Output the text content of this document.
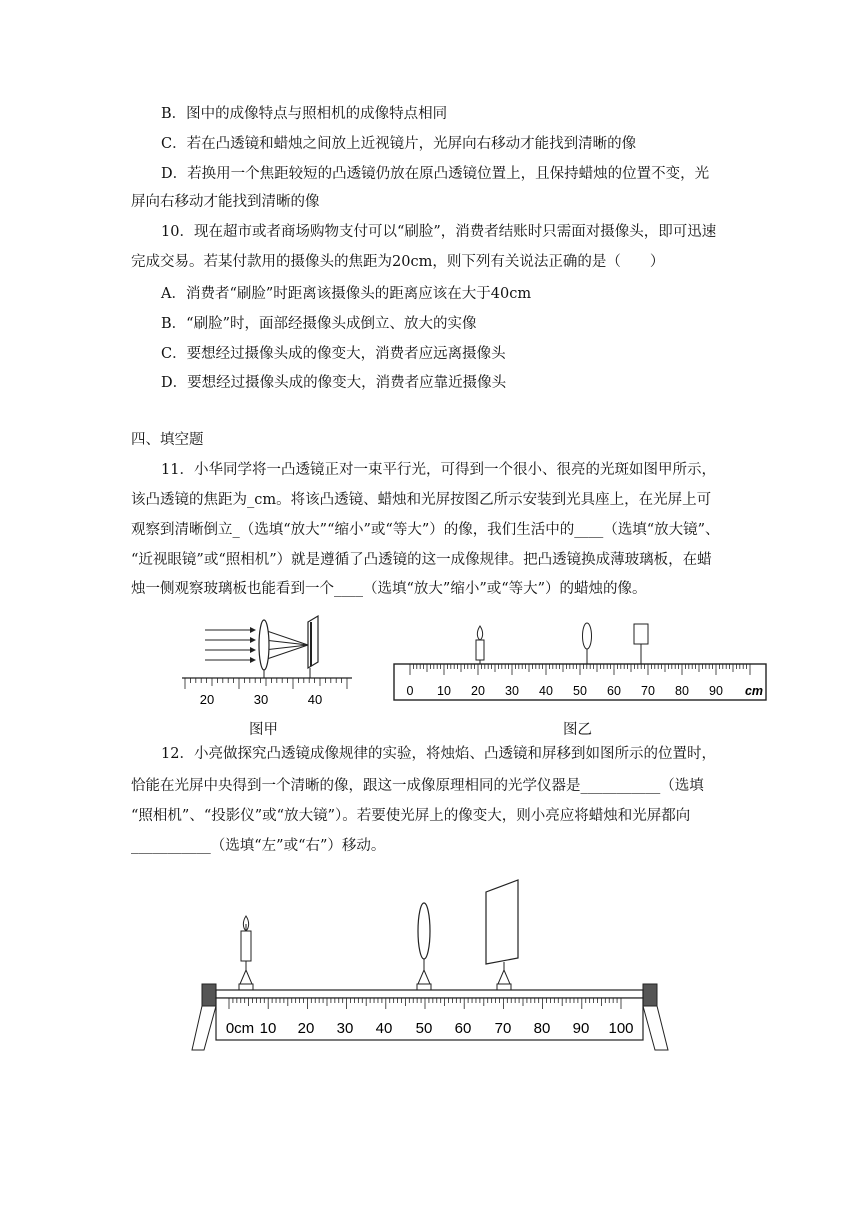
B．图中的成像特点与照相机的成像特点相同
C．若在凸透镜和蜡烛之间放上近视镜片，光屏向右移动才能找到清晰的像
D．若换用一个焦距较短的凸透镜仍放在原凸透镜位置上，且保持蜡烛的位置不变，光
屏向右移动才能找到清晰的像
10．现在超市或者商场购物支付可以“刷脸”，消费者结账时只需面对摄像头，即可迅速
完成交易。若某付款用的摄像头的焦距为20cm，则下列有关说法正确的是（　　）
A．消费者“刷脸”时距离该摄像头的距离应该在大于40cm
B．“刷脸”时，面部经摄像头成倒立、放大的实像
C．要想经过摄像头成的像变大，消费者应远离摄像头
D．要想经过摄像头成的像变大，消费者应靠近摄像头
四、填空题
11．小华同学将一凸透镜正对一束平行光，可得到一个很小、很亮的光斑如图甲所示，
该凸透镜的焦距为_cm。将该凸透镜、蜡烛和光屏按图乙所示安装到光具座上，在光屏上可
观察到清晰倒立_（选填“放大”“缩小”或“等大”）的像，我们生活中的____（选填“放大镜”、
“近视眼镜”或“照相机”）就是遵循了凸透镜的这一成像规律。把凸透镜换成薄玻璃板，在蜡
烛一侧观察玻璃板也能看到一个____（选填“放大”缩小”或“等大”）的蜡烛的像。
20	30	40
图甲
0 10 20 30 40 50 60 70 80 90 cm
图乙
12．小亮做探究凸透镜成像规律的实验，将烛焰、凸透镜和屏移到如图所示的位置时，
恰能在光屏中央得到一个清晰的像，跟这一成像原理相同的光学仪器是___________（选填
“照相机”、“投影仪”或“放大镜”）。若要使光屏上的像变大，则小亮应将蜡烛和光屏都向
___________（选填“左”或“右”）移动。
0cm 10 20 30 40 50 60 70 80 90 100
